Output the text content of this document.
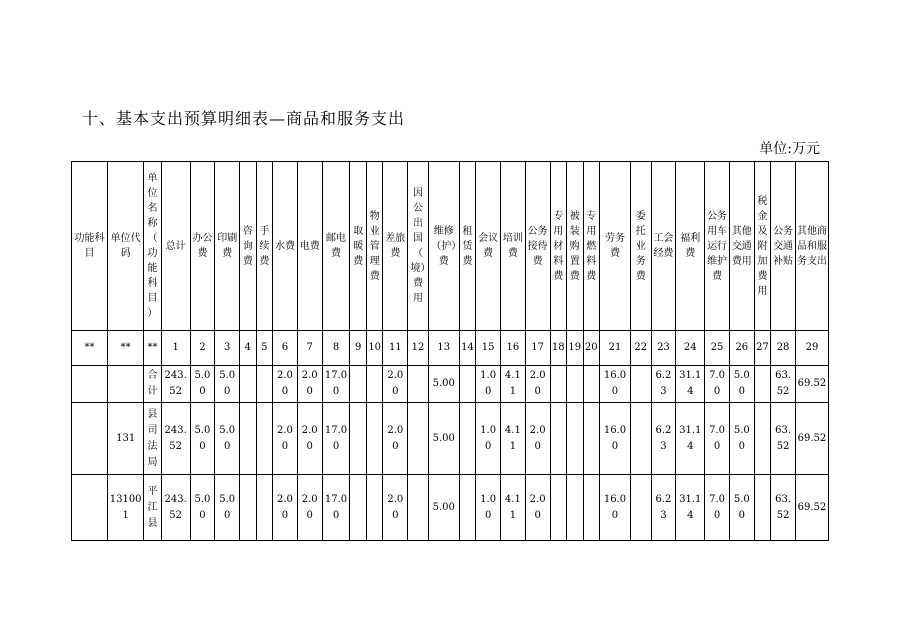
十、基本支出预算明细表—商品和服务支出
单位:万元
功能科目	单位代码	单位名称（功能科目）	总计	办公费	印刷费	咨询费	手续费	水费	电费	邮电费	取暖费	物业管理费	差旅费	因公出国（境）费用	维修（护）费	租赁费	会议费	培训费	公务接待费	专用材料费	被装购置费	专用燃料费	劳务费	委托业务费	工会经费	福利费	公务用车运行维护费	其他交通费用	税金及附加费用	公务交通补贴	其他商品和服务支出
**	**	**	1	2	3	4	5	6	7	8	9	10	11	12	13	14	15	16	17	18	19	20	21	22	23	24	25	26	27	28	29
		合计	243.52	5.00	5.00			2.00	2.00	17.00			2.00		5.00		1.00	4.11	2.00				16.00		6.23	31.14	7.00	5.00		63.52	69.52
	131	县司法局	243.52	5.00	5.00			2.00	2.00	17.00			2.00		5.00		1.00	4.11	2.00				16.00		6.23	31.14	7.00	5.00		63.52	69.52
	131001	平江县	243.52	5.00	5.00			2.00	2.00	17.00			2.00		5.00		1.00	4.11	2.00				16.00		6.23	31.14	7.00	5.00		63.52	69.52
